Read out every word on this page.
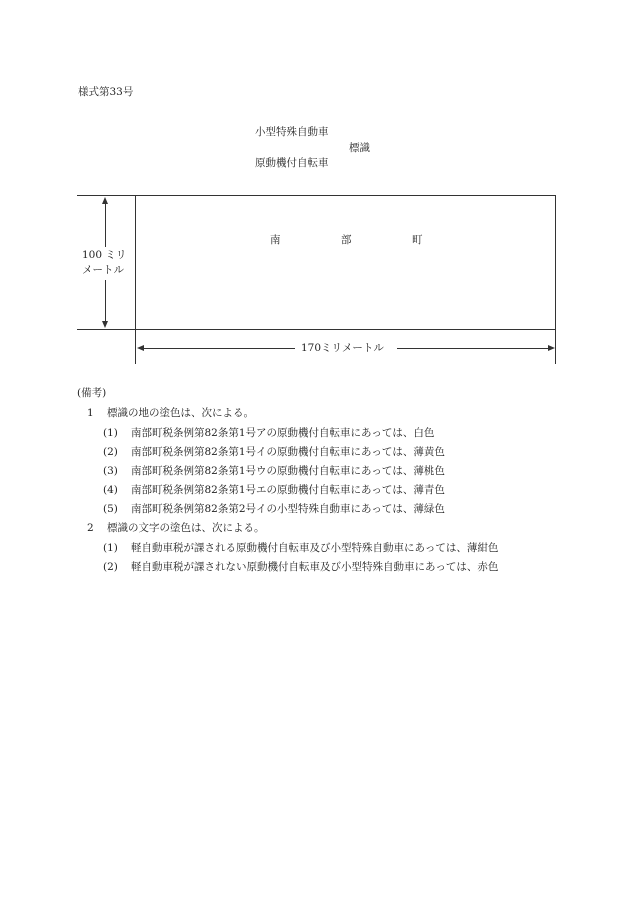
様式第33号
小型特殊自動車
標識
原動機付自転車
南	部	町
100 ミリ
メートル
170ミリメートル
(備考)
1 標識の地の塗色は、次による。
(1) 南部町税条例第82条第1号アの原動機付自転車にあっては、白色
(2) 南部町税条例第82条第1号イの原動機付自転車にあっては、薄黄色
(3) 南部町税条例第82条第1号ウの原動機付自転車にあっては、薄桃色
(4) 南部町税条例第82条第1号エの原動機付自転車にあっては、薄青色
(5) 南部町税条例第82条第2号イの小型特殊自動車にあっては、薄緑色
2 標識の文字の塗色は、次による。
(1) 軽自動車税が課される原動機付自転車及び小型特殊自動車にあっては、薄紺色
(2) 軽自動車税が課されない原動機付自転車及び小型特殊自動車にあっては、赤色
